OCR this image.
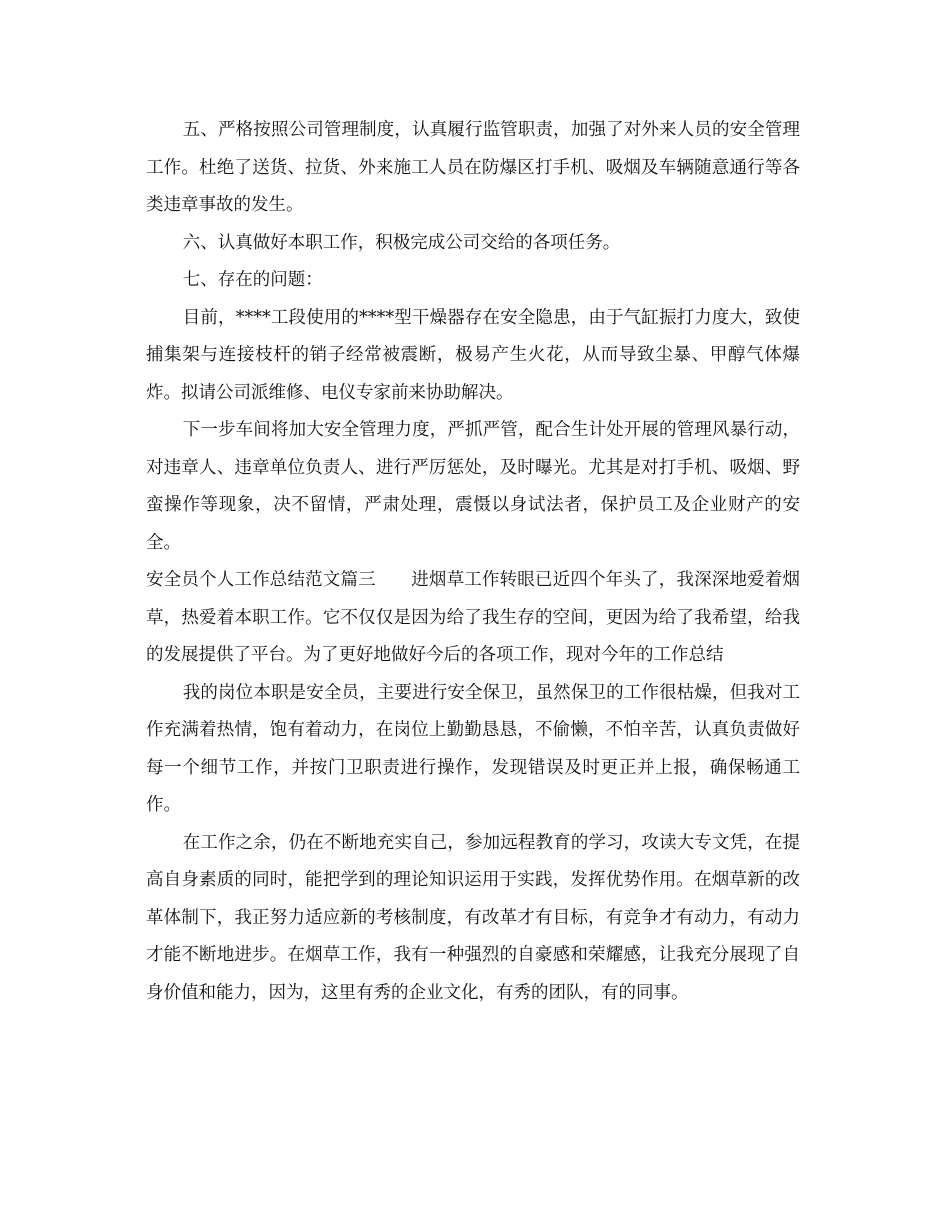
五、严格按照公司管理制度，认真履行监管职责，加强了对外来人员的安全管理工作。杜绝了送货、拉货、外来施工人员在防爆区打手机、吸烟及车辆随意通行等各类违章事故的发生。

六、认真做好本职工作，积极完成公司交给的各项任务。

七、存在的问题：

目前，****工段使用的****型干燥器存在安全隐患，由于气缸振打力度大，致使捕集架与连接枝杆的销子经常被震断，极易产生火花，从而导致尘暴、甲醇气体爆炸。拟请公司派维修、电仪专家前来协助解决。

下一步车间将加大安全管理力度，严抓严管，配合生计处开展的管理风暴行动，对违章人、违章单位负责人、进行严厉惩处，及时曝光。尤其是对打手机、吸烟、野蛮操作等现象，决不留情，严肃处理，震慑以身试法者，保护员工及企业财产的安全。

安全员个人工作总结范文篇三　　进烟草工作转眼已近四个年头了，我深深地爱着烟草，热爱着本职工作。它不仅仅是因为给了我生存的空间，更因为给了我希望，给我的发展提供了平台。为了更好地做好今后的各项工作，现对今年的工作总结

我的岗位本职是安全员，主要进行安全保卫，虽然保卫的工作很枯燥，但我对工作充满着热情，饱有着动力，在岗位上勤勤恳恳，不偷懒，不怕辛苦，认真负责做好每一个细节工作，并按门卫职责进行操作，发现错误及时更正并上报，确保畅通工作。

在工作之余，仍在不断地充实自己，参加远程教育的学习，攻读大专文凭，在提高自身素质的同时，能把学到的理论知识运用于实践，发挥优势作用。在烟草新的改革体制下，我正努力适应新的考核制度，有改革才有目标，有竞争才有动力，有动力才能不断地进步。在烟草工作，我有一种强烈的自豪感和荣耀感，让我充分展现了自身价值和能力，因为，这里有秀的企业文化，有秀的团队，有的同事。
